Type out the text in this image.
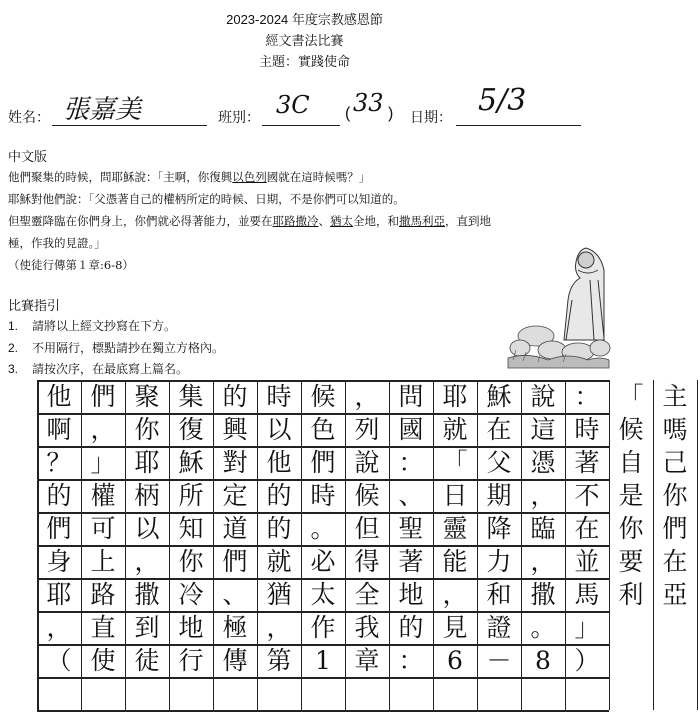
2023-2024 年度宗教感恩節
經文書法比賽
主題：實踐使命
姓名： 張嘉美	班別： 3C ( 33 ) 日期： 5/3
中文版
他們聚集的時候，問耶穌說：「主啊，你復興以色列國就在這時候嗎？」
耶穌對他們說：「父憑著自己的權柄所定的時候、日期，不是你們可以知道的。
但聖靈降臨在你們身上，你們就必得著能力，並要在耶路撒冷、猶太全地，和撒馬利亞，直到地
極，作我的見證。」
（使徒行傳第１章:6-8）
比賽指引
1. 請將以上經文抄寫在下方。
2. 不用隔行，標點請抄在獨立方格內。
3. 請按次序，在最底寫上篇名。
他 們 聚 集 的 時 候 ， 問 耶 穌 說 ： 「 主
啊 ， 你 復 興 以 色 列 國 就 在 這 時 候 嗎
？ 」 耶 穌 對 他 們 說 ： 「 父 憑 著 自 己
的 權 柄 所 定 的 時 候 、 日 期 ， 不 是 你
們 可 以 知 道 的 。 但 聖 靈 降 臨 在 你 們
身 上 ， 你 們 就 必 得 著 能 力 ， 並 要 在
耶 路 撒 冷 、 猶 太 全 地 ， 和 撒 馬 利 亞
， 直 到 地 極 ， 作 我 的 見 證 。 」
（ 使 徒 行 傳 第 1 章 ： 6 － 8 ）
